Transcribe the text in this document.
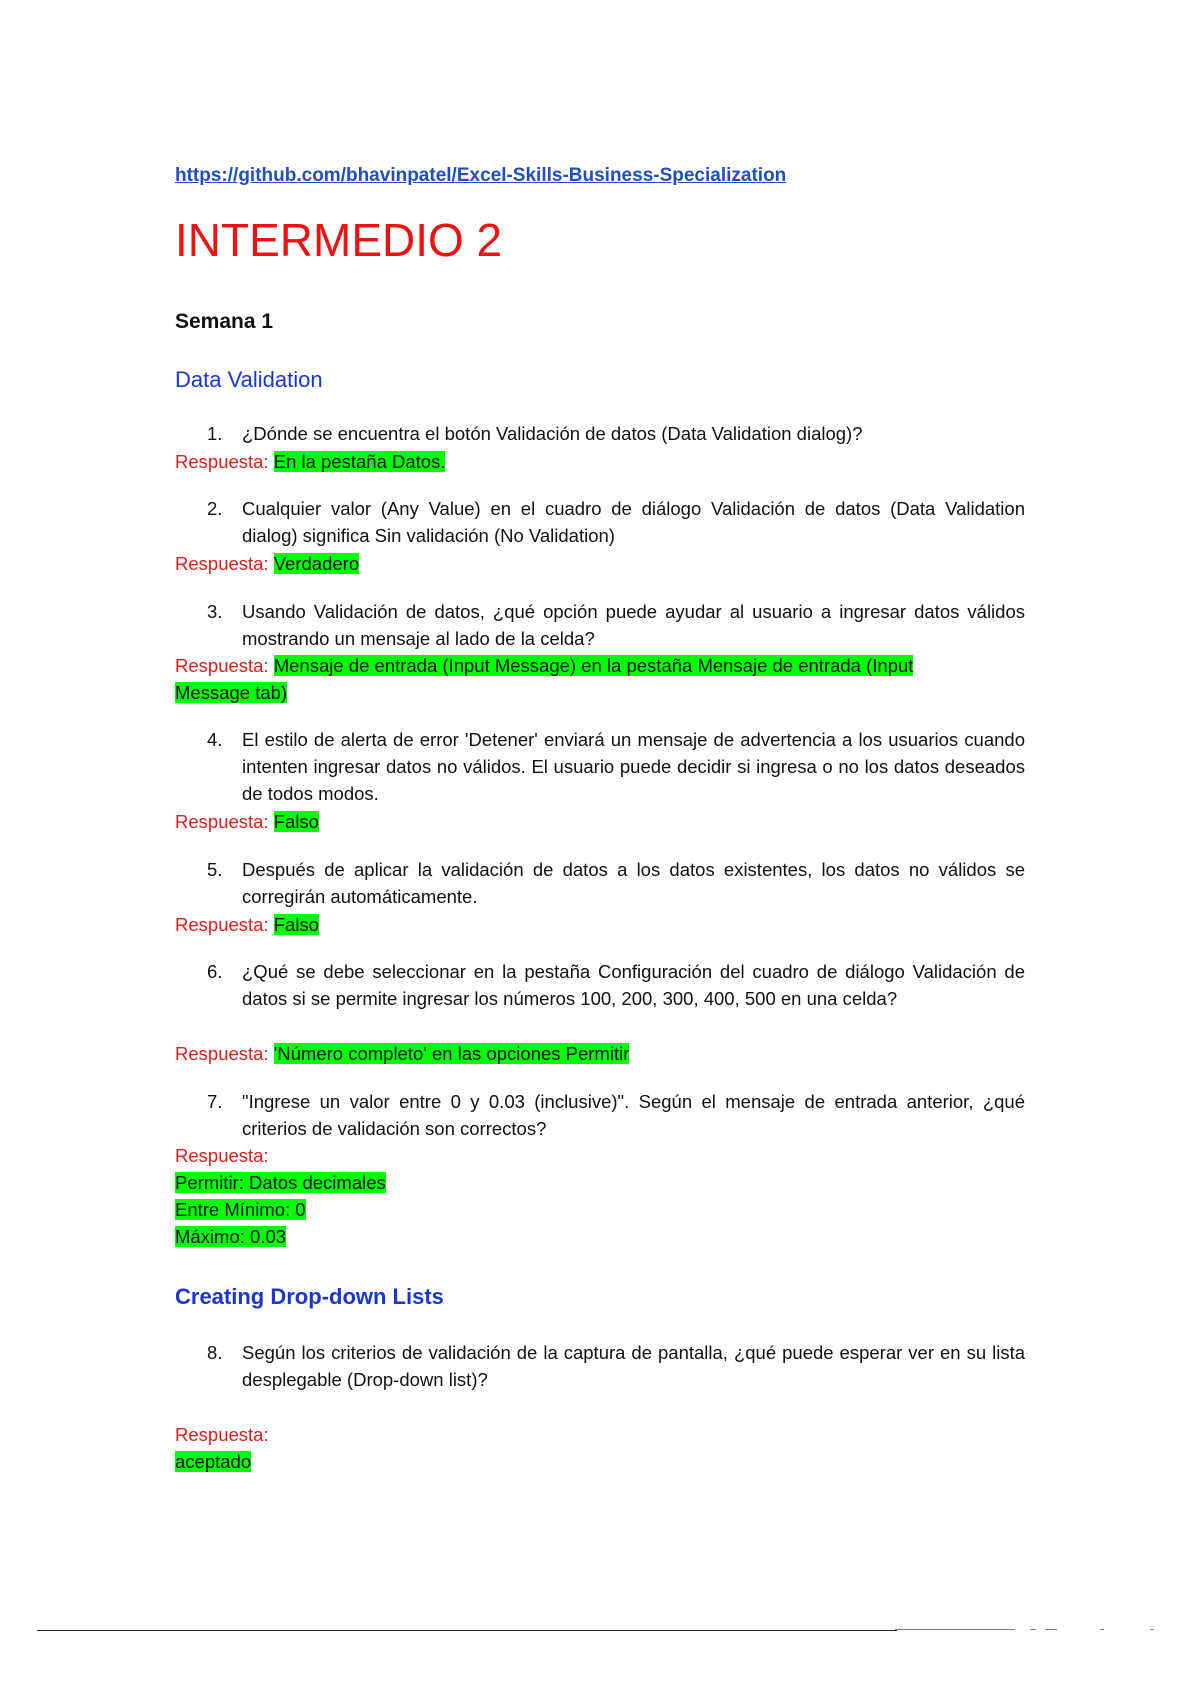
https://github.com/bhavinpatel/Excel-Skills-Business-Specialization
INTERMEDIO 2
Semana 1
Data Validation
1. ¿Dónde se encuentra el botón Validación de datos (Data Validation dialog)?
Respuesta: En la pestaña Datos.
2. Cualquier valor (Any Value) en el cuadro de diálogo Validación de datos (Data Validation dialog) significa Sin validación (No Validation)
Respuesta: Verdadero
3. Usando Validación de datos, ¿qué opción puede ayudar al usuario a ingresar datos válidos mostrando un mensaje al lado de la celda?
Respuesta: Mensaje de entrada (Input Message) en la pestaña Mensaje de entrada (Input
Message tab)
4. El estilo de alerta de error 'Detener' enviará un mensaje de advertencia a los usuarios cuando intenten ingresar datos no válidos. El usuario puede decidir si ingresa o no los datos deseados de todos modos.
Respuesta: Falso
5. Después de aplicar la validación de datos a los datos existentes, los datos no válidos se corregirán automáticamente.
Respuesta: Falso
6. ¿Qué se debe seleccionar en la pestaña Configuración del cuadro de diálogo Validación de datos si se permite ingresar los números 100, 200, 300, 400, 500 en una celda?
Respuesta: 'Número completo' en las opciones Permitir
7. "Ingrese un valor entre 0 y 0.03 (inclusive)". Según el mensaje de entrada anterior, ¿qué criterios de validación son correctos?
Respuesta:
Permitir: Datos decimales
Entre Mínimo: 0
Máximo: 0.03
Creating Drop-down Lists
8. Según los criterios de validación de la captura de pantalla, ¿qué puede esperar ver en su lista desplegable (Drop-down list)?
Respuesta:
aceptado
